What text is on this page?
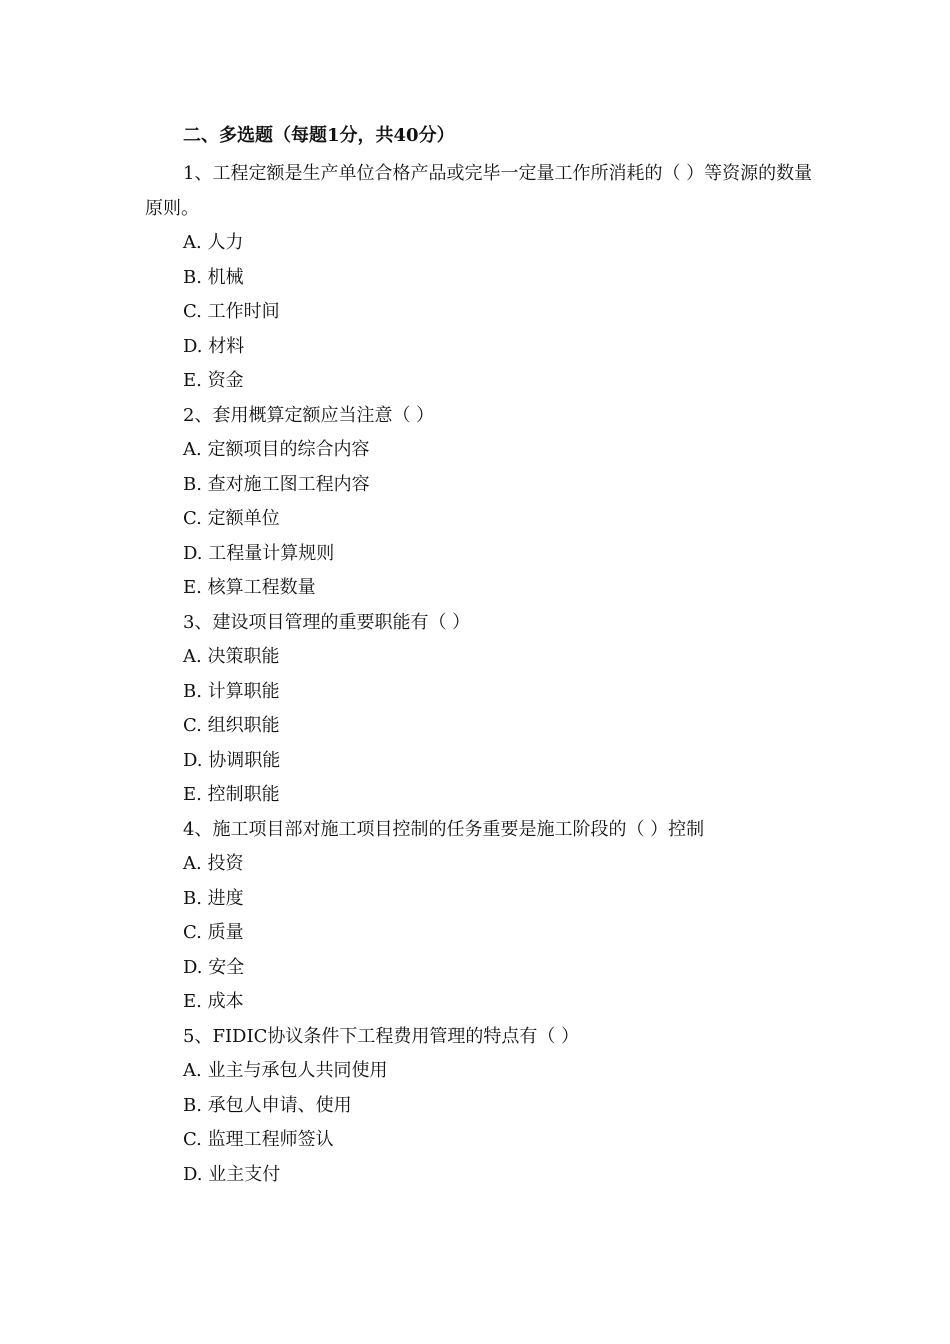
二、多选题（每题1分，共40分）

1、工程定额是生产单位合格产品或完毕一定量工作所消耗的（ ）等资源的数量原则。

A. 人力

B. 机械

C. 工作时间

D. 材料

E. 资金

2、套用概算定额应当注意（ ）

A. 定额项目的综合内容

B. 查对施工图工程内容

C. 定额单位

D. 工程量计算规则

E. 核算工程数量

3、建设项目管理的重要职能有（ ）

A. 决策职能

B. 计算职能

C. 组织职能

D. 协调职能

E. 控制职能

4、施工项目部对施工项目控制的任务重要是施工阶段的（ ）控制

A. 投资

B. 进度

C. 质量

D. 安全

E. 成本

5、FIDIC协议条件下工程费用管理的特点有（ ）

A. 业主与承包人共同使用

B. 承包人申请、使用

C. 监理工程师签认

D. 业主支付
